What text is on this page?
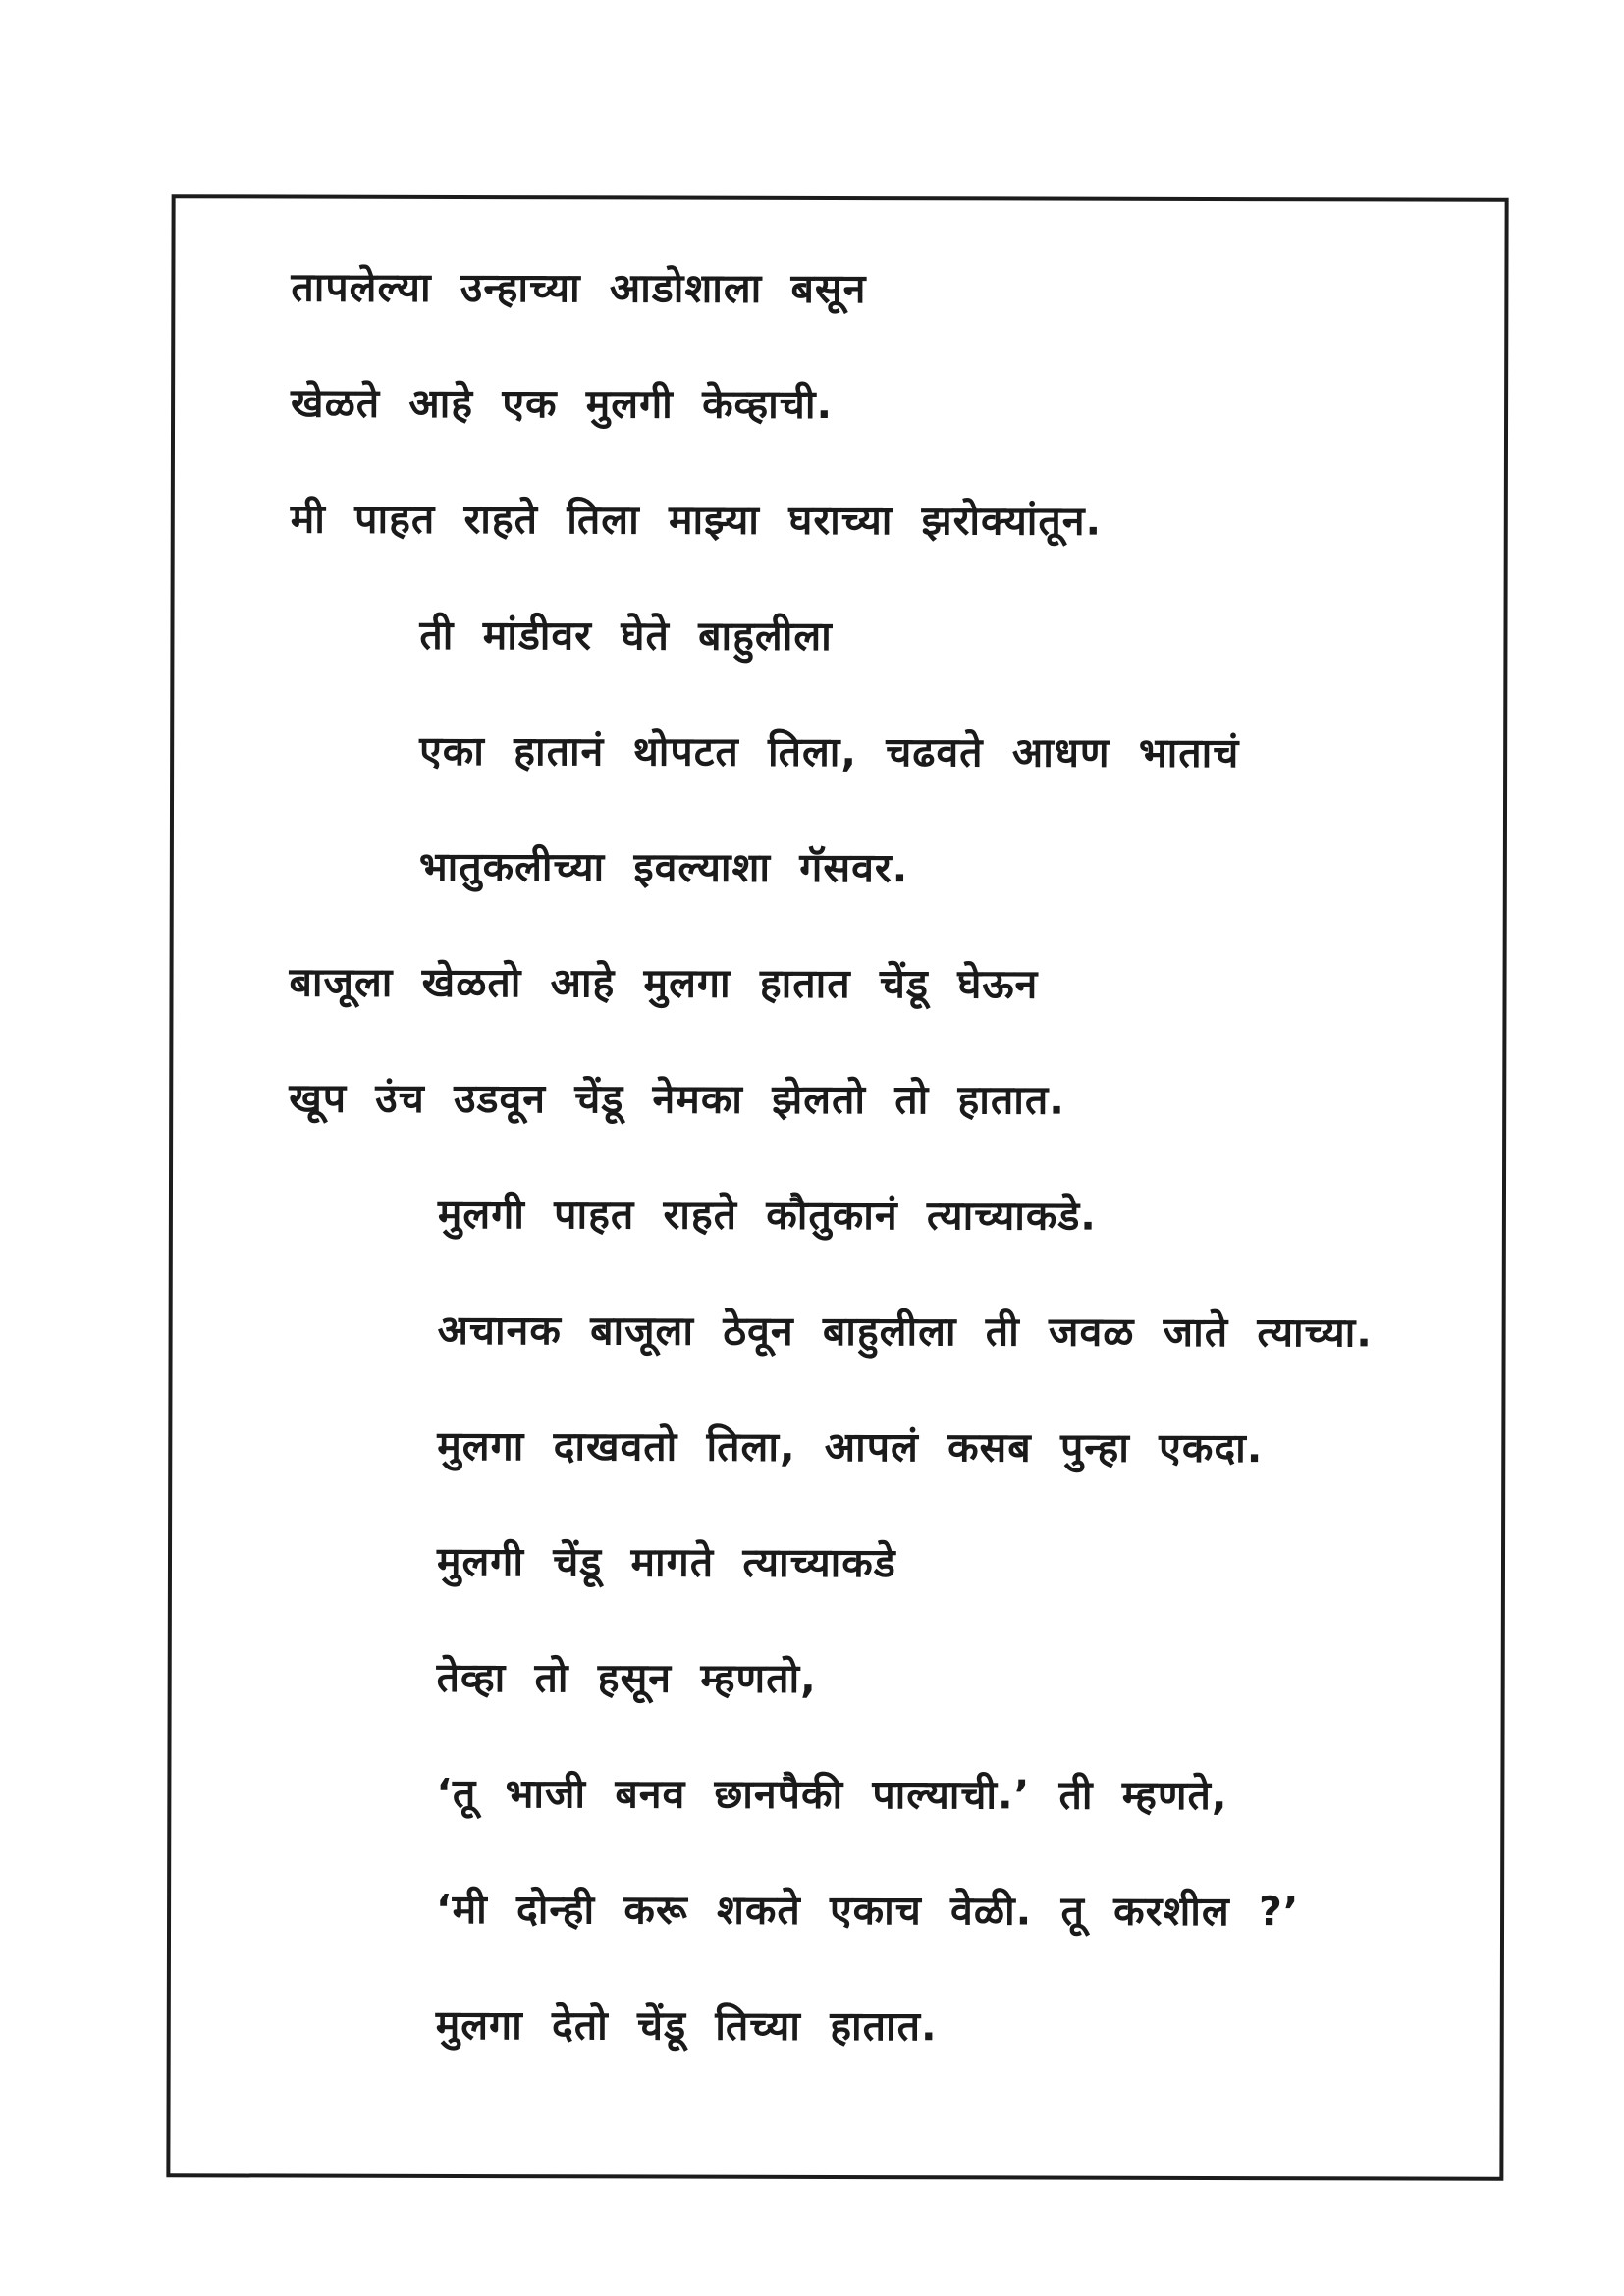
तापलेल्या उन्हाच्या आडोशाला बसून
खेळते आहे एक मुलगी केव्हाची.
मी पाहत राहते तिला माझ्या घराच्या झरोक्यांतून.
ती मांडीवर घेते बाहुलीला
एका हातानं थोपटत तिला, चढवते आधण भाताचं
भातुकलीच्या इवल्याशा गॅसवर.
बाजूला खेळतो आहे मुलगा हातात चेंडू घेऊन
खूप उंच उडवून चेंडू नेमका झेलतो तो हातात.
मुलगी पाहत राहते कौतुकानं त्याच्याकडे.
अचानक बाजूला ठेवून बाहुलीला ती जवळ जाते त्याच्या.
मुलगा दाखवतो तिला, आपलं कसब पुन्हा एकदा.
मुलगी चेंडू मागते त्याच्याकडे
तेव्हा तो हसून म्हणतो,
‘तू भाजी बनव छानपैकी पाल्याची.’ ती म्हणते,
‘मी दोन्ही करू शकते एकाच वेळी. तू करशील ?’
मुलगा देतो चेंडू तिच्या हातात.
